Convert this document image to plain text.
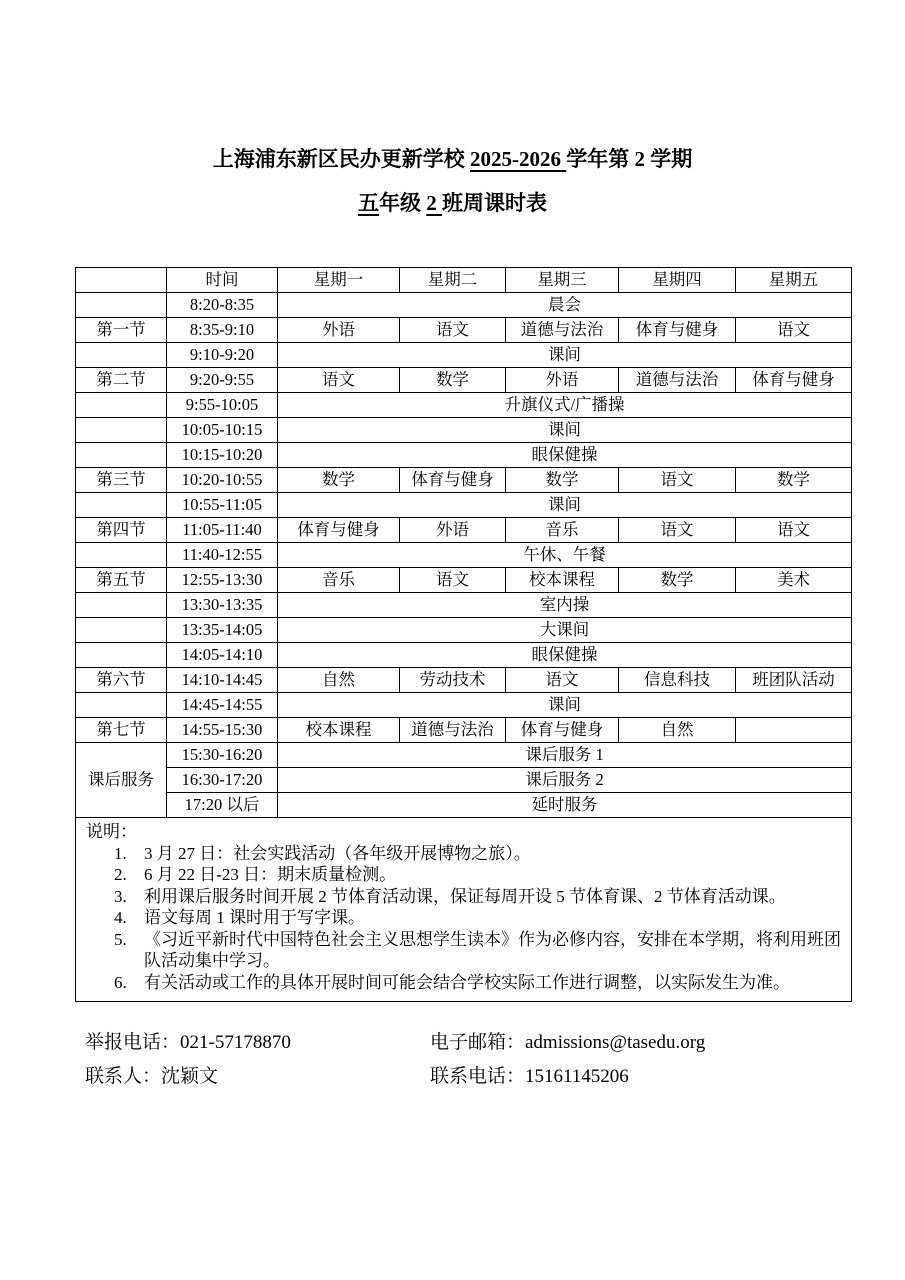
上海浦东新区民办更新学校 2025-2026 学年第 2 学期
五年级 2 班周课时表
	时间	星期一	星期二	星期三	星期四	星期五
	8:20-8:35	晨会				
第一节	8:35-9:10	外语	语文	道德与法治	体育与健身	语文
	9:10-9:20	课间				
第二节	9:20-9:55	语文	数学	外语	道德与法治	体育与健身
	9:55-10:05	升旗仪式/广播操				
	10:05-10:15	课间				
	10:15-10:20	眼保健操				
第三节	10:20-10:55	数学	体育与健身	数学	语文	数学
	10:55-11:05	课间				
第四节	11:05-11:40	体育与健身	外语	音乐	语文	语文
	11:40-12:55	午休、午餐				
第五节	12:55-13:30	音乐	语文	校本课程	数学	美术
	13:30-13:35	室内操				
	13:35-14:05	大课间				
	14:05-14:10	眼保健操				
第六节	14:10-14:45	自然	劳动技术	语文	信息科技	班团队活动
	14:45-14:55	课间				
第七节	14:55-15:30	校本课程	道德与法治	体育与健身	自然	
课后服务	15:30-16:20	课后服务 1				
	16:30-17:20	课后服务 2				
	17:20 以后	延时服务				

说明：
1.	3 月 27 日：社会实践活动（各年级开展博物之旅）。
2.	6 月 22 日-23 日：期末质量检测。
3.	利用课后服务时间开展 2 节体育活动课，保证每周开设 5 节体育课、2 节体育活动课。
4.	语文每周 1 课时用于写字课。
5.	《习近平新时代中国特色社会主义思想学生读本》作为必修内容，安排在本学期，将利用班团队活动集中学习。
6.	有关活动或工作的具体开展时间可能会结合学校实际工作进行调整，以实际发生为准。
举报电话：021-57178870	电子邮箱：admissions@tasedu.org
联系人：沈颖文	联系电话：15161145206
